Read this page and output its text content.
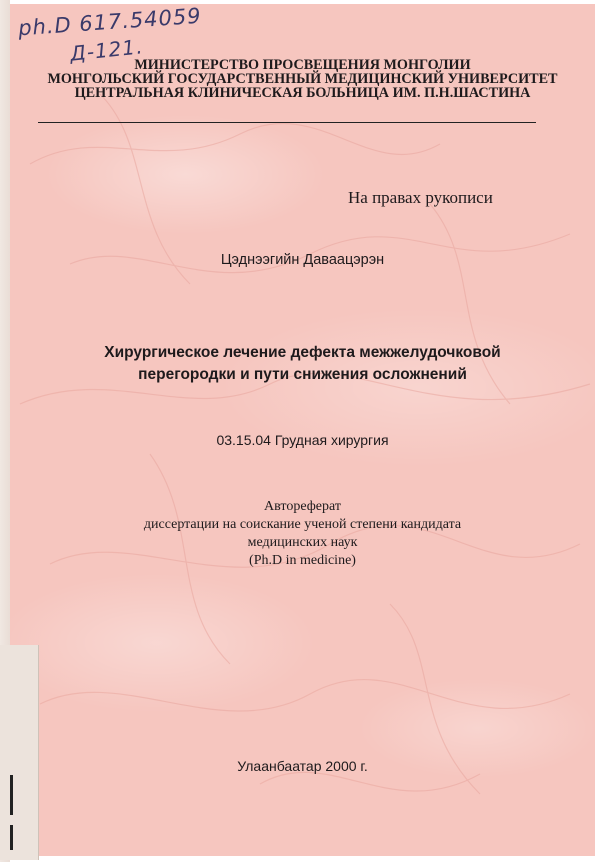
ph.D 617.54059
Д-121.
МИНИСТЕРСТВО ПРОСВЕЩЕНИЯ МОНГОЛИИ
МОНГОЛЬСКИЙ ГОСУДАРСТВЕННЫЙ МЕДИЦИНСКИЙ УНИВЕРСИТЕТ
ЦЕНТРАЛЬНАЯ КЛИНИЧЕСКАЯ БОЛЬНИЦА ИМ. П.Н.ШАСТИНА
На правах рукописи
Цэднээгийн Даваацэрэн
Хирургическое лечение дефекта межжелудочковой
перегородки и пути снижения осложнений
03.15.04 Грудная хирургия
Автореферат
диссертации на соискание ученой степени кандидата
медицинских наук
(Ph.D in medicine)
Улаанбаатар 2000 г.
